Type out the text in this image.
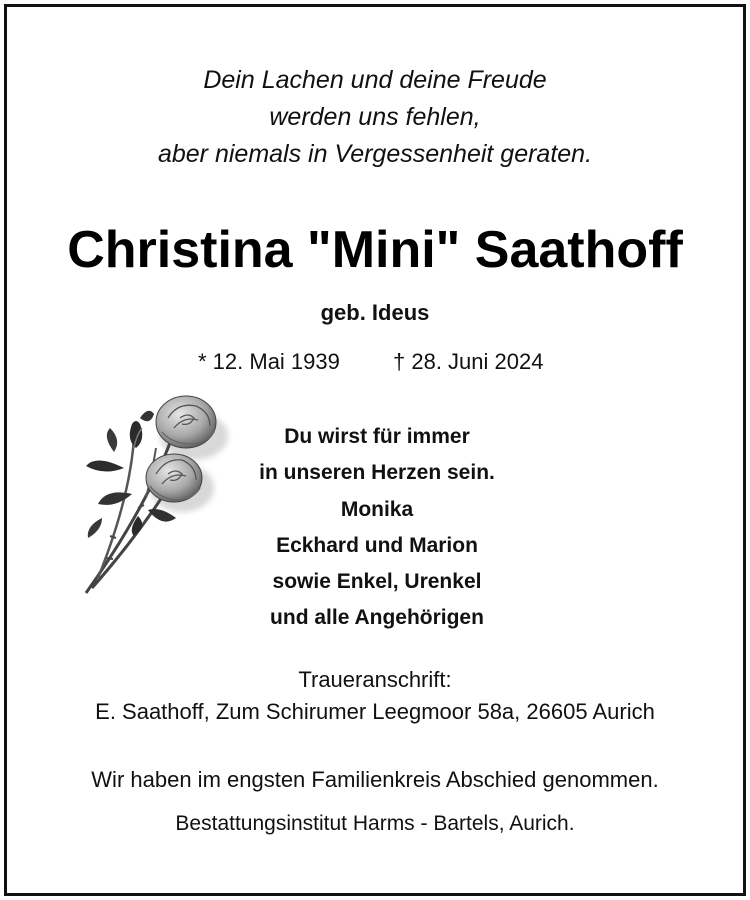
Dein Lachen und deine Freude
werden uns fehlen,
aber niemals in Vergessenheit geraten.
Christina "Mini" Saathoff
geb. Ideus
* 12. Mai 1939 † 28. Juni 2024
Du wirst für immer
in unseren Herzen sein.
Monika
Eckhard und Marion
sowie Enkel, Urenkel
und alle Angehörigen
Traueranschrift:
E. Saathoff, Zum Schirumer Leegmoor 58a, 26605 Aurich
Wir haben im engsten Familienkreis Abschied genommen.
Bestattungsinstitut Harms - Bartels, Aurich.
